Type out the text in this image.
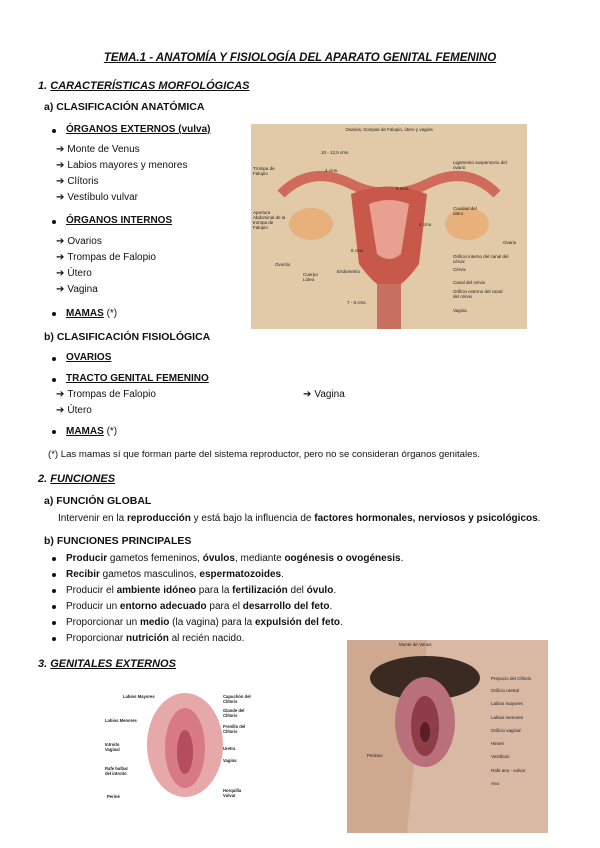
TEMA.1 - ANATOMÍA Y FISIOLOGÍA DEL APARATO GENITAL FEMENINO
1. CARACTERÍSTICAS MORFOLÓGICAS
a) CLASIFICACIÓN ANATÓMICA
ÓRGANOS EXTERNOS (vulva)
➔ Monte de Venus
➔ Labios mayores y menores
➔ Clítoris
➔ Vestíbulo vulvar
ÓRGANOS INTERNOS
➔ Ovarios
➔ Trompas de Falopio
➔ Útero
➔ Vagina
MAMAS (*)
b) CLASIFICACIÓN FISIOLÓGICA
OVARIOS
TRACTO GENITAL FEMENINO
➔ Trompas de Falopio	➔ Vagina
➔ Útero
MAMAS (*)
(*) Las mamas sí que forman parte del sistema reproductor, pero no se consideran órganos genitales.
2. FUNCIONES
a) FUNCIÓN GLOBAL
Intervenir en la reproducción y está bajo la influencia de factores hormonales, nerviosos y psicológicos.
b) FUNCIONES PRINCIPALES
Producir gametos femeninos, óvulos, mediante oogénesis o ovogénesis.
Recibir gametos masculinos, espermatozoides.
Producir el ambiente idóneo para la fertilización del óvulo.
Producir un entorno adecuado para el desarrollo del feto.
Proporcionar un medio (la vagina) para la expulsión del feto.
Proporcionar nutrición al recién nacido.
3. GENITALES EXTERNOS
Ovarios, trompas de Falopio, útero y vagina
10 - 12,5 cms.
4 cms.
5 cms.
Trompa de Falopio
Apertura Abdominal de la trompa de Falopio
Ovocito
Cuerpo Lúteo
Endometrio
Ligamento suspensorio del ovario
Cavidad del útero
Ovario
Orificio interno del canal del cérvix
Cérvix
Canal del cérvix
Orificio externo del canal del cérvix
Vagina
4 cms.
6 cms.
7 - 8 cms.
Labios Mayores
Labios Menores
Introito Vaginal
Rafe bulbar del introito
Periné
Capuchón del Clítoris
Glande del Clítoris
Frenillo del Clítoris
Uretra
Vagina
Horquilla Vulvar
Monte de Venus
Prepucio del Clítoris
Orificio uretral
Labios mayores
Labios menores
Orificio vaginal
Himen
Vestíbulo
Rafe ano - vulvar
Ano
Perineo
